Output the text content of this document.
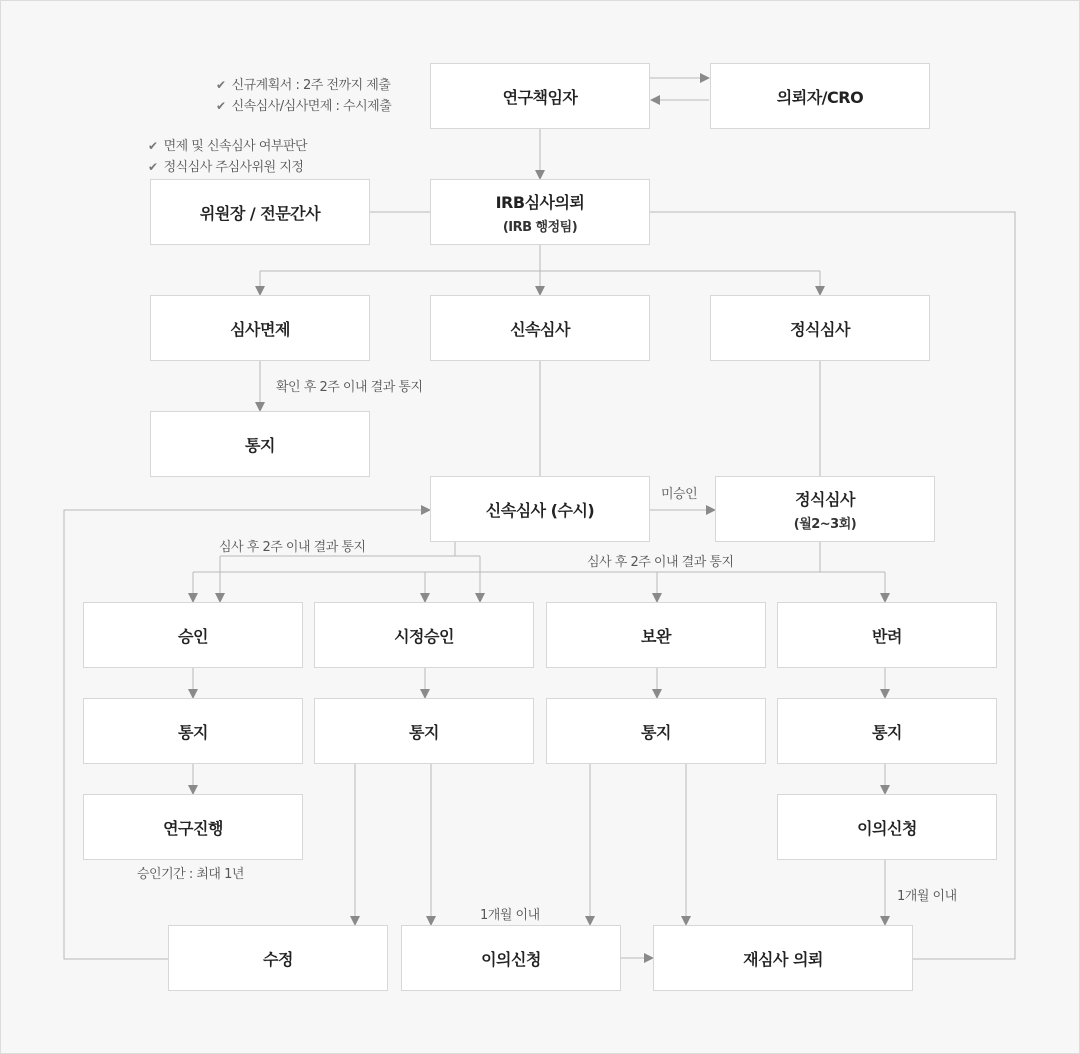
✔ 신규계획서 : 2주 전까지 제출
✔ 신속심사/심사면제 : 수시제출
✔ 면제 및 신속심사 여부판단
✔ 정식심사 주심사위원 지정
연구책임자	의뢰자/CRO
위원장 / 전문간사
IRB심사의뢰
(IRB 행정팀)
심사면제	신속심사	정식심사
통지
신속심사 (수시)
정식심사
(월2~3회)
승인	시정승인	보완	반려
통지	통지	통지	통지
연구진행	이의신청
수정	이의신청	재심사 의뢰
확인 후 2주 이내 결과 통지
미승인
심사 후 2주 이내 결과 통지
심사 후 2주 이내 결과 통지
승인기간 : 최대 1년
1개월 이내
1개월 이내
